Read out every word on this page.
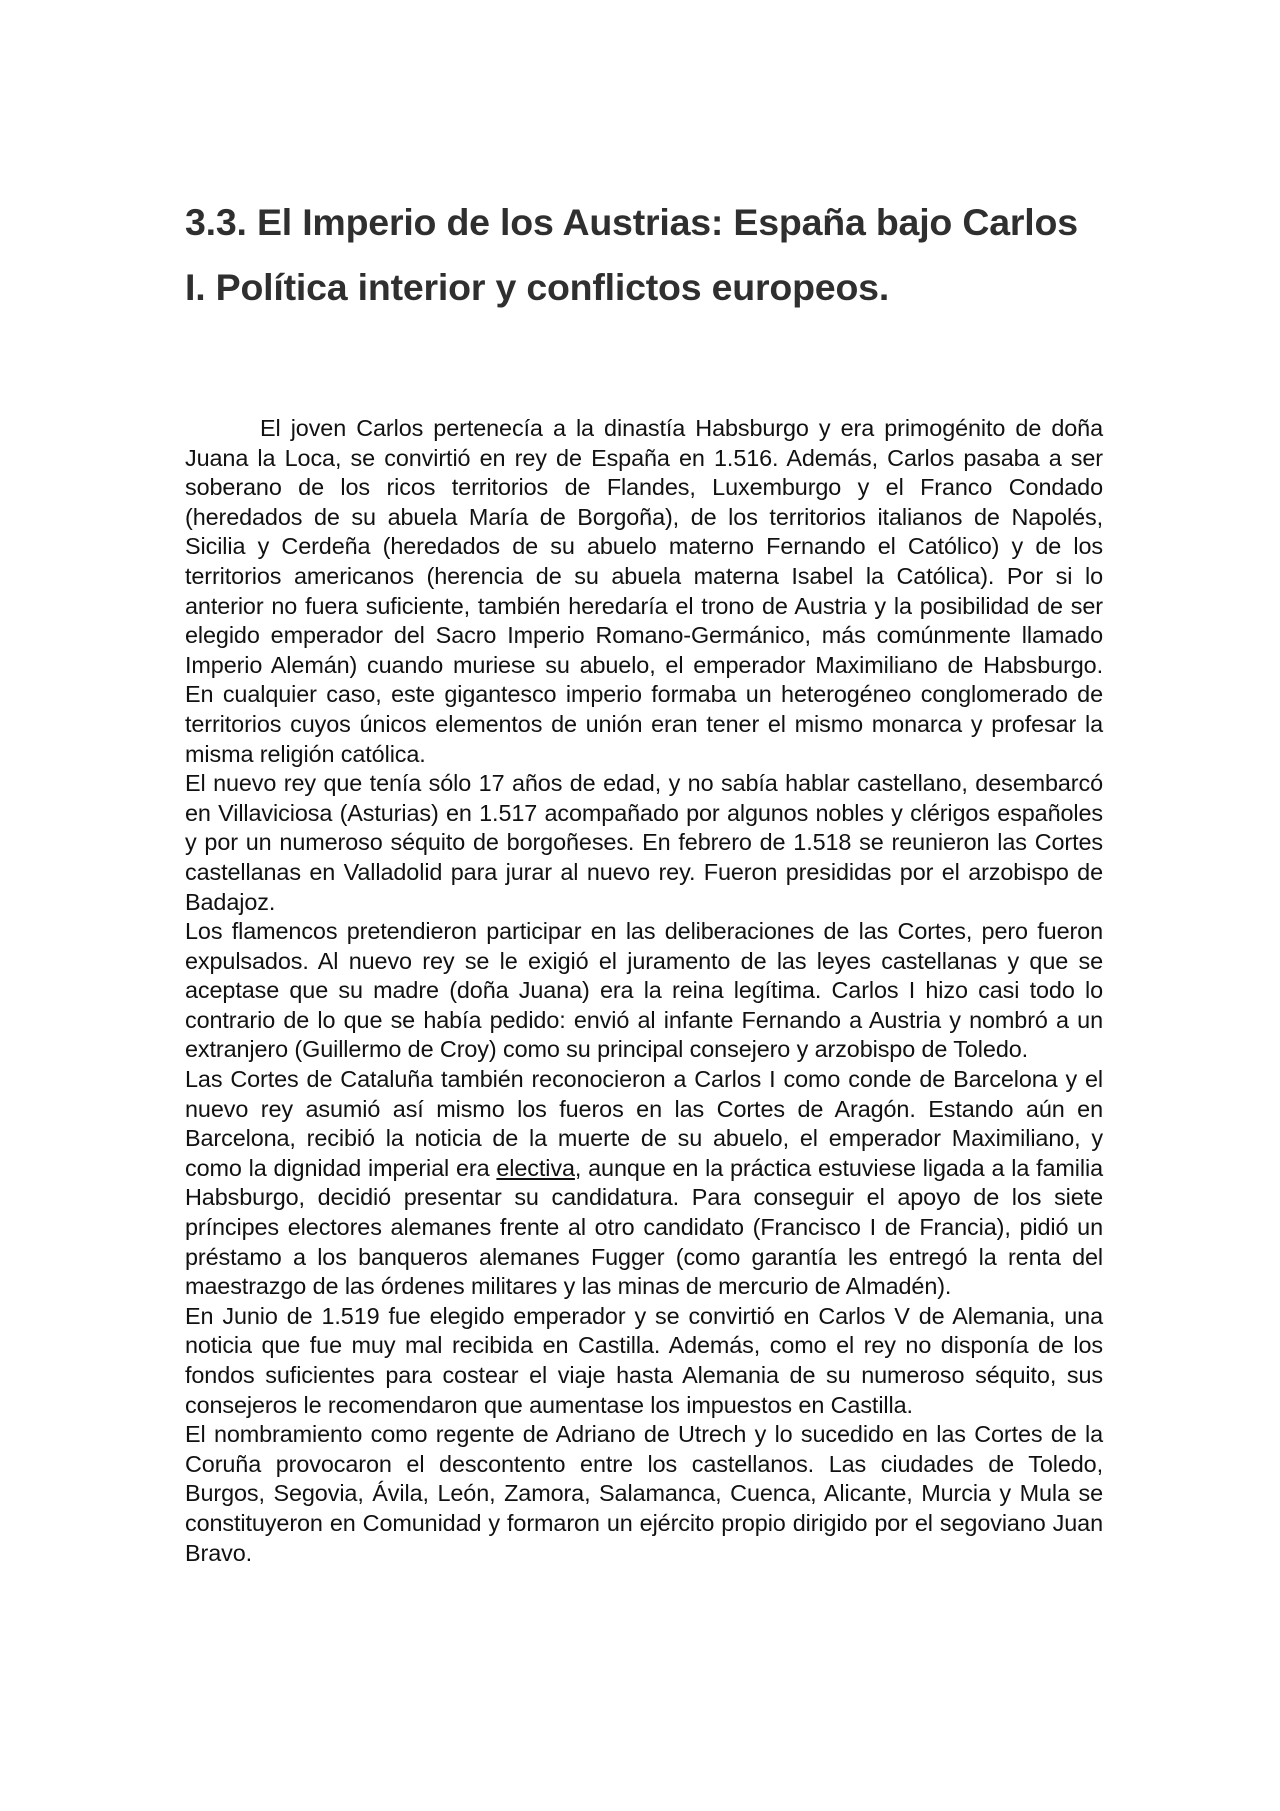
3.3. El Imperio de los Austrias: España bajo Carlos I. Política interior y conflictos europeos.

El joven Carlos pertenecía a la dinastía Habsburgo y era primogénito de doña Juana la Loca, se convirtió en rey de España en 1.516. Además, Carlos pasaba a ser soberano de los ricos territorios de Flandes, Luxemburgo y el Franco Condado (heredados de su abuela María de Borgoña), de los territorios italianos de Napolés, Sicilia y Cerdeña (heredados de su abuelo materno Fernando el Católico) y de los territorios americanos (herencia de su abuela materna Isabel la Católica). Por si lo anterior no fuera suficiente, también heredaría el trono de Austria y la posibilidad de ser elegido emperador del Sacro Imperio Romano-Germánico, más comúnmente llamado Imperio Alemán) cuando muriese su abuelo, el emperador Maximiliano de Habsburgo. En cualquier caso, este gigantesco imperio formaba un heterogéneo conglomerado de territorios cuyos únicos elementos de unión eran tener el mismo monarca y profesar la misma religión católica.

El nuevo rey que tenía sólo 17 años de edad, y no sabía hablar castellano, desembarcó en Villaviciosa (Asturias) en 1.517 acompañado por algunos nobles y clérigos españoles y por un numeroso séquito de borgoñeses. En febrero de 1.518 se reunieron las Cortes castellanas en Valladolid para jurar al nuevo rey. Fueron presididas por el arzobispo de Badajoz.

Los flamencos pretendieron participar en las deliberaciones de las Cortes, pero fueron expulsados. Al nuevo rey se le exigió el juramento de las leyes castellanas y que se aceptase que su madre (doña Juana) era la reina legítima. Carlos I hizo casi todo lo contrario de lo que se había pedido: envió al infante Fernando a Austria y nombró a un extranjero (Guillermo de Croy) como su principal consejero y arzobispo de Toledo.

Las Cortes de Cataluña también reconocieron a Carlos I como conde de Barcelona y el nuevo rey asumió así mismo los fueros en las Cortes de Aragón. Estando aún en Barcelona, recibió la noticia de la muerte de su abuelo, el emperador Maximiliano, y como la dignidad imperial era electiva, aunque en la práctica estuviese ligada a la familia Habsburgo, decidió presentar su candidatura. Para conseguir el apoyo de los siete príncipes electores alemanes frente al otro candidato (Francisco I de Francia), pidió un préstamo a los banqueros alemanes Fugger (como garantía les entregó la renta del maestrazgo de las órdenes militares y las minas de mercurio de Almadén).

En Junio de 1.519 fue elegido emperador y se convirtió en Carlos V de Alemania, una noticia que fue muy mal recibida en Castilla. Además, como el rey no disponía de los fondos suficientes para costear el viaje hasta Alemania de su numeroso séquito, sus consejeros le recomendaron que aumentase los impuestos en Castilla.

El nombramiento como regente de Adriano de Utrech y lo sucedido en las Cortes de la Coruña provocaron el descontento entre los castellanos. Las ciudades de Toledo, Burgos, Segovia, Ávila, León, Zamora, Salamanca, Cuenca, Alicante, Murcia y Mula se constituyeron en Comunidad y formaron un ejército propio dirigido por el segoviano Juan Bravo.
